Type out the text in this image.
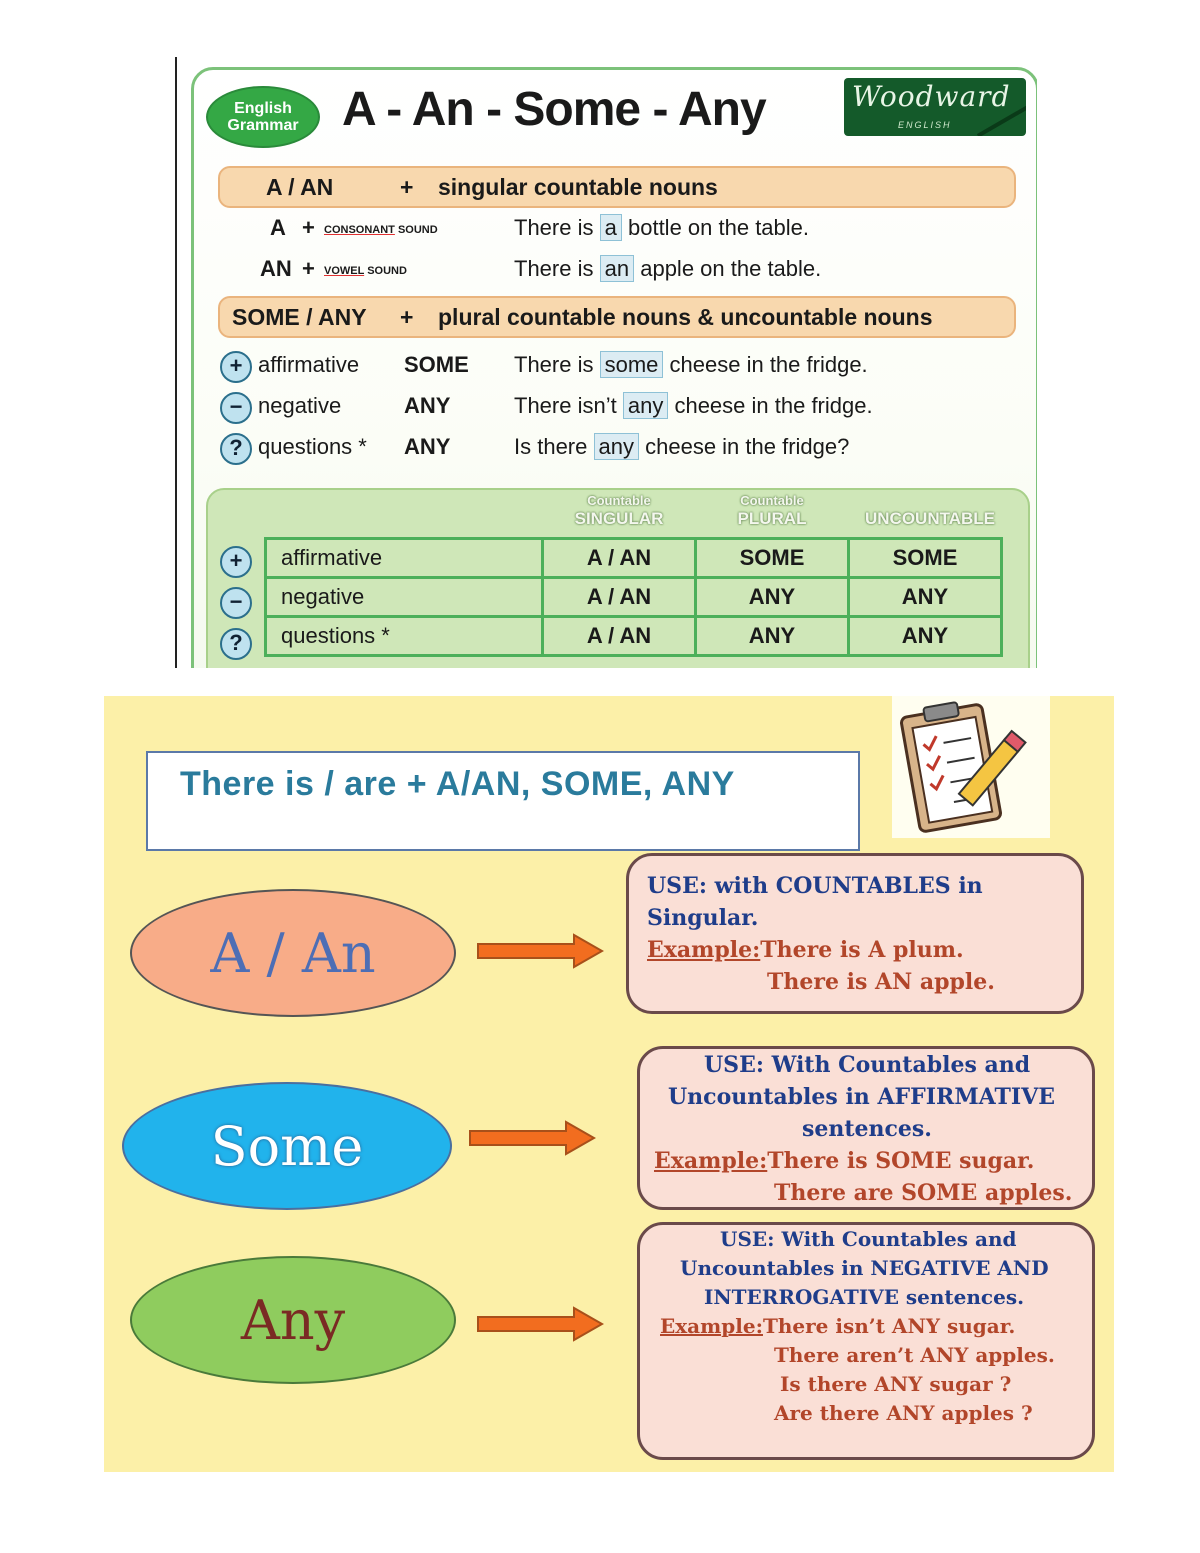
English
Grammar A - An - Some - Any	Woodward
ENGLISH
A / AN	+ singular countable nouns
A + CONSONANT SOUND	There is a bottle on the table.
AN + VOWEL SOUND	There is an apple on the table.
SOME / ANY + plural countable nouns & uncountable nouns
+ affirmative SOME There is some cheese in the fridge.
− negative	ANY	There isn’t any cheese in the fridge.
? questions * ANY	Is there any cheese in the fridge?
Countable
SINGULAR
Countable
PLURAL	UNCOUNTABLE
+
−
?
affirmative	A / AN	SOME	SOME
negative	A / AN	ANY	ANY
questions *	A / AN	ANY	ANY
There is / are + A/AN, SOME, ANY
A / An
USE: with COUNTABLES in
Singular.
Example:There is A plum.
There is AN apple.
Some
USE: With Countables and
Uncountables in AFFIRMATIVE
sentences.
Example:There is SOME sugar.
There are SOME apples.
Any
USE: With Countables and
Uncountables in NEGATIVE AND
INTERROGATIVE sentences.
Example:There isn’t ANY sugar.
There aren’t ANY apples.
Is there ANY sugar ?
Are there ANY apples ?
